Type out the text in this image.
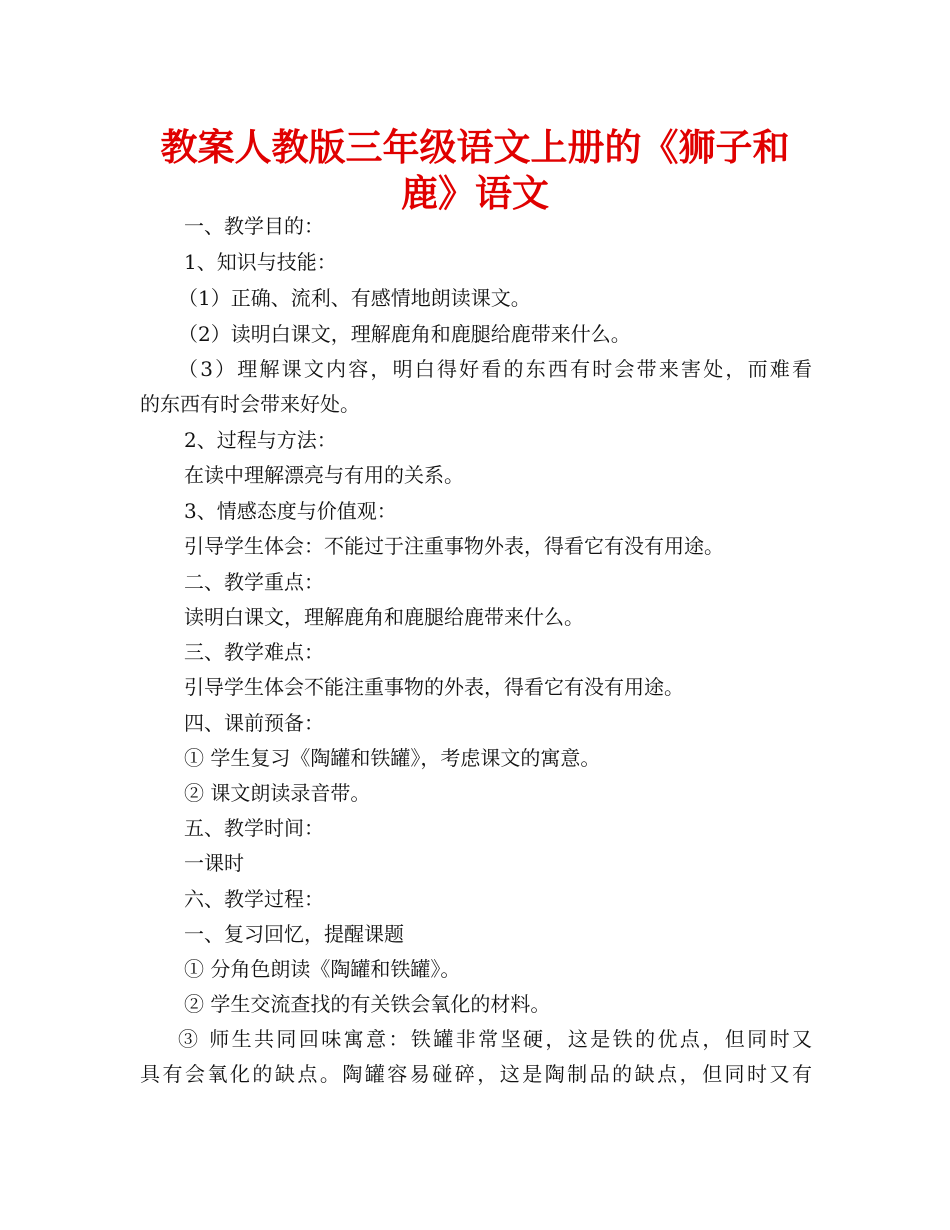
教案人教版三年级语文上册的《狮子和
鹿》语文
一、教学目的：
1、知识与技能：
（1）正确、流利、有感情地朗读课文。
（2）读明白课文，理解鹿角和鹿腿给鹿带来什么。
（3）理解课文内容，明白得好看的东西有时会带来害处，而难看
的东西有时会带来好处。
2、过程与方法：
在读中理解漂亮与有用的关系。
3、情感态度与价值观：
引导学生体会：不能过于注重事物外表，得看它有没有用途。
二、教学重点：
读明白课文，理解鹿角和鹿腿给鹿带来什么。
三、教学难点：
引导学生体会不能注重事物的外表，得看它有没有用途。
四、课前预备：
① 学生复习《陶罐和铁罐》，考虑课文的寓意。
② 课文朗读录音带。
五、教学时间：
一课时
六、教学过程：
一、复习回忆，提醒课题
① 分角色朗读《陶罐和铁罐》。
② 学生交流查找的有关铁会氧化的材料。
③ 师生共同回味寓意：铁罐非常坚硬，这是铁的优点，但同时又
具有会氧化的缺点。陶罐容易碰碎，这是陶制品的缺点，但同时又有
